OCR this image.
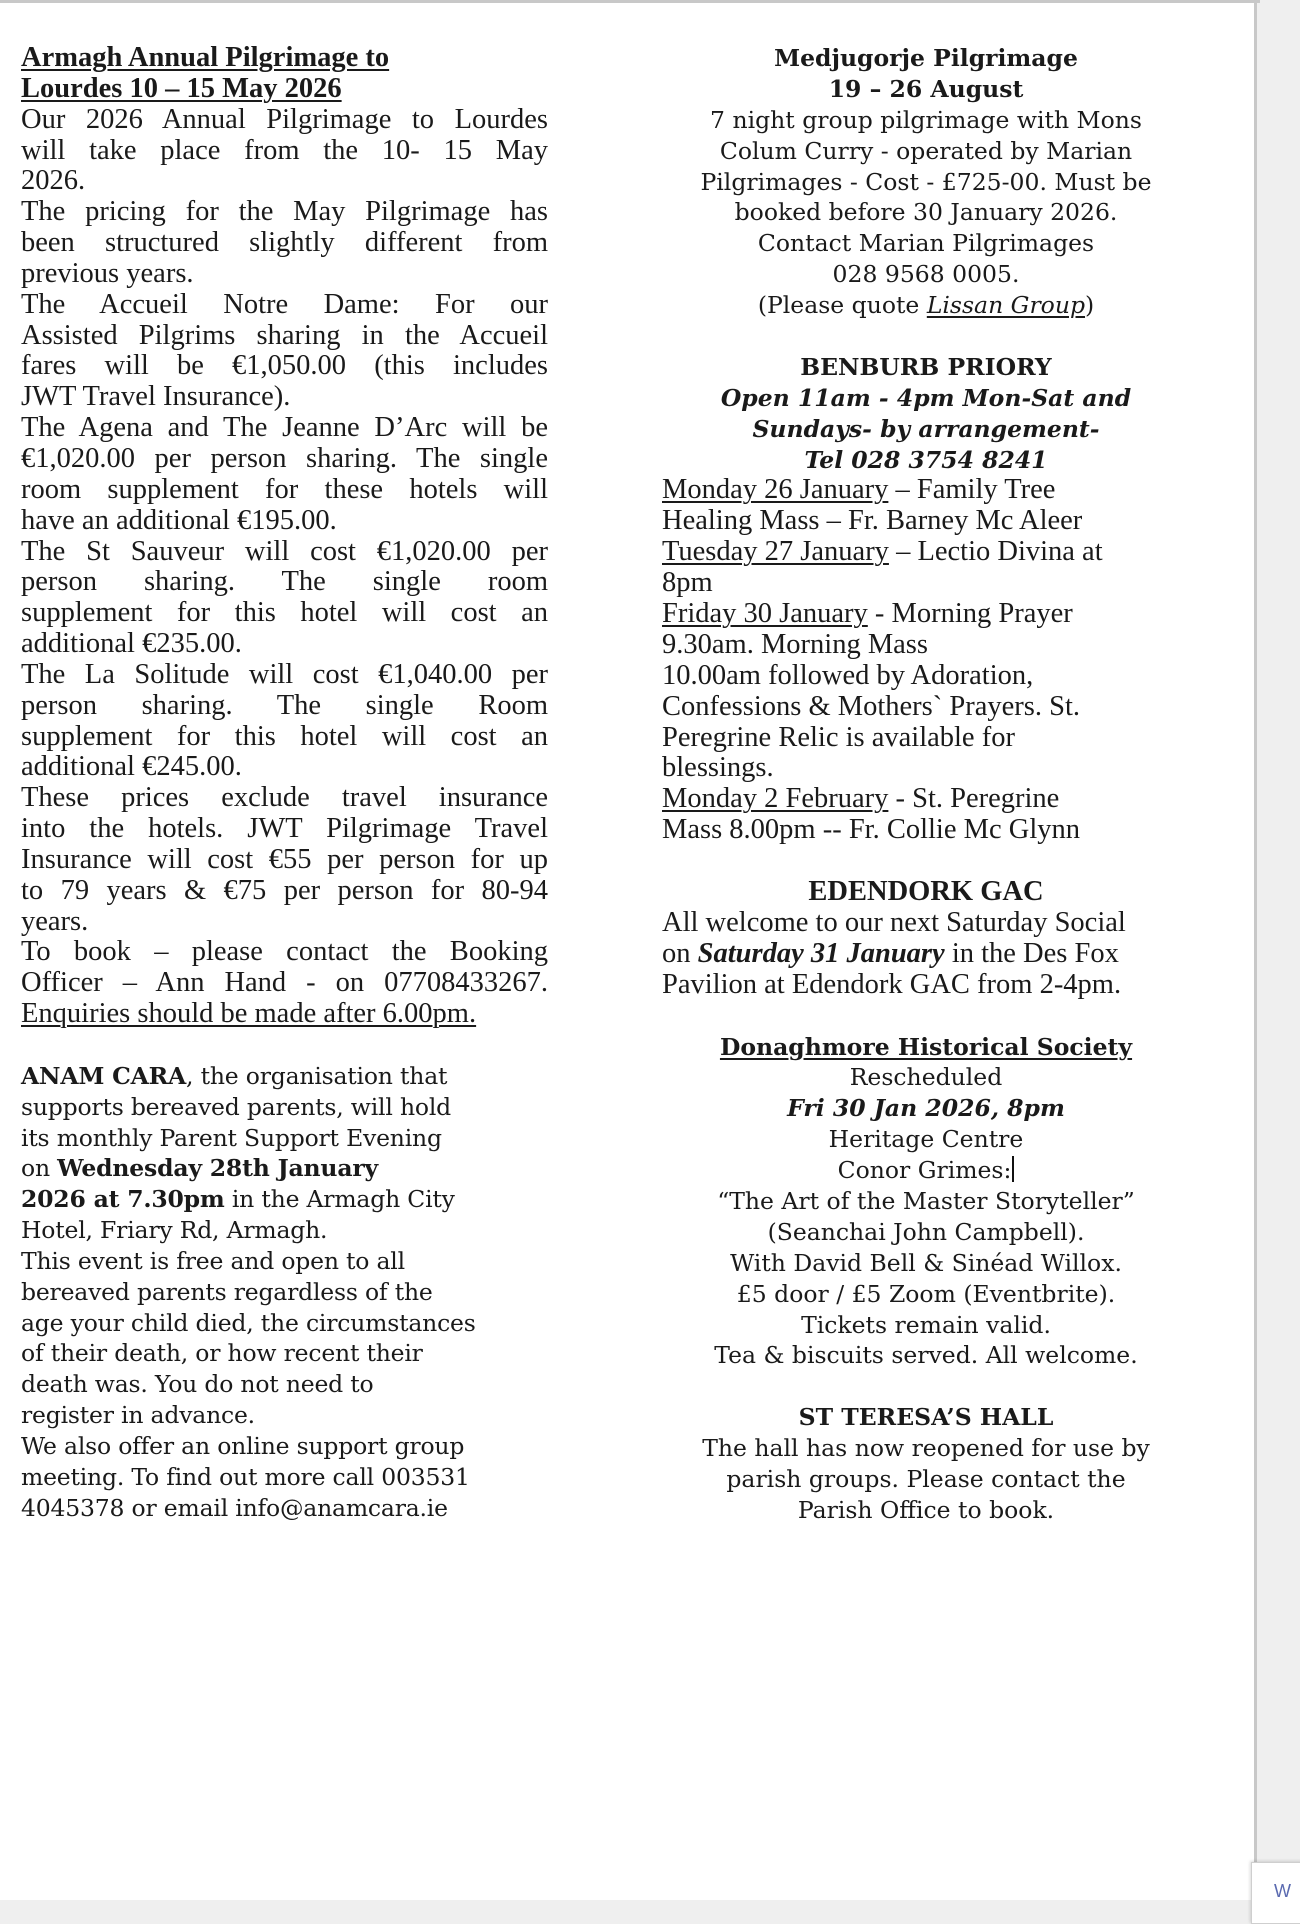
Armagh Annual Pilgrimage to
Lourdes 10 – 15 May 2026
Our 2026 Annual Pilgrimage to Lourdes
will take place from the 10- 15 May
2026.
The pricing for the May Pilgrimage has
been structured slightly different from
previous years.
The Accueil Notre Dame: For our
Assisted Pilgrims sharing in the Accueil
fares will be €1,050.00 (this includes
JWT Travel Insurance).
The Agena and The Jeanne D’Arc will be
€1,020.00 per person sharing. The single
room supplement for these hotels will
have an additional €195.00.
The St Sauveur will cost €1,020.00 per
person sharing. The single room
supplement for this hotel will cost an
additional €235.00.
The La Solitude will cost €1,040.00 per
person sharing. The single Room
supplement for this hotel will cost an
additional €245.00.
These prices exclude travel insurance
into the hotels. JWT Pilgrimage Travel
Insurance will cost €55 per person for up
to 79 years & €75 per person for 80-94
years.
To book – please contact the Booking
Officer – Ann Hand - on 07708433267.
Enquiries should be made after 6.00pm.
ANAM CARA, the organisation that
supports bereaved parents, will hold
its monthly Parent Support Evening
on Wednesday 28th January
2026 at 7.30pm in the Armagh City
Hotel, Friary Rd, Armagh.
This event is free and open to all
bereaved parents regardless of the
age your child died, the circumstances
of their death, or how recent their
death was. You do not need to
register in advance.
We also offer an online support group
meeting. To find out more call 003531
4045378 or email info@anamcara.ie
Medjugorje Pilgrimage
19 – 26 August
7 night group pilgrimage with Mons
Colum Curry - operated by Marian
Pilgrimages - Cost - £725-00. Must be
booked before 30 January 2026.
Contact Marian Pilgrimages
028 9568 0005.
(Please quote Lissan Group)
BENBURB PRIORY
Open 11am - 4pm Mon-Sat and
Sundays- by arrangement-
Tel 028 3754 8241
Monday 26 January – Family Tree
Healing Mass – Fr. Barney Mc Aleer
Tuesday 27 January – Lectio Divina at
8pm
Friday 30 January - Morning Prayer
9.30am. Morning Mass
10.00am followed by Adoration,
Confessions & Mothers` Prayers. St.
Peregrine Relic is available for
blessings.
Monday 2 February - St. Peregrine
Mass 8.00pm -- Fr. Collie Mc Glynn
EDENDORK GAC
All welcome to our next Saturday Social
on Saturday 31 January in the Des Fox
Pavilion at Edendork GAC from 2-4pm.
Donaghmore Historical Society
Rescheduled
Fri 30 Jan 2026, 8pm
Heritage Centre
Conor Grimes:
“The Art of the Master Storyteller”
(Seanchai John Campbell).
With David Bell & Sinéad Willox.
£5 door / £5 Zoom (Eventbrite).
Tickets remain valid.
Tea & biscuits served. All welcome.
ST TERESA’S HALL
The hall has now reopened for use by
parish groups. Please contact the
Parish Office to book.
W
